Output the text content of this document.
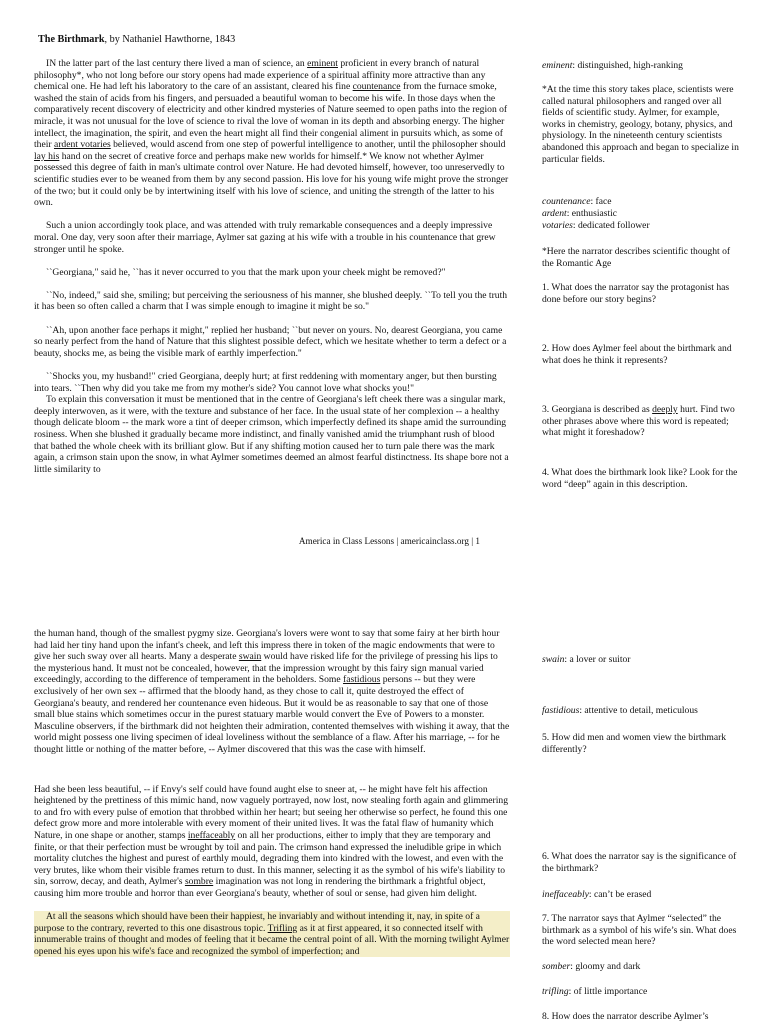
The Birthmark, by Nathaniel Hawthorne, 1843

IN the latter part of the last century there lived a man of science, an eminent proficient in every branch of natural philosophy*, who not long before our story opens had made experience of a spiritual affinity more attractive than any chemical one. He had left his laboratory to the care of an assistant, cleared his fine countenance from the furnace smoke, washed the stain of acids from his fingers, and persuaded a beautiful woman to become his wife. In those days when the comparatively recent discovery of electricity and other kindred mysteries of Nature seemed to open paths into the region of miracle, it was not unusual for the love of science to rival the love of woman in its depth and absorbing energy. The higher intellect, the imagination, the spirit, and even the heart might all find their congenial aliment in pursuits which, as some of their ardent votaries believed, would ascend from one step of powerful intelligence to another, until the philosopher should lay his hand on the secret of creative force and perhaps make new worlds for himself.* We know not whether Aylmer possessed this degree of faith in man's ultimate control over Nature. He had devoted himself, however, too unreservedly to scientific studies ever to be weaned from them by any second passion. His love for his young wife might prove the stronger of the two; but it could only be by intertwining itself with his love of science, and uniting the strength of the latter to his own.

Such a union accordingly took place, and was attended with truly remarkable consequences and a deeply impressive moral. One day, very soon after their marriage, Aylmer sat gazing at his wife with a trouble in his countenance that grew stronger until he spoke.

``Georgiana," said he, ``has it never occurred to you that the mark upon your cheek might be removed?"

``No, indeed," said she, smiling; but perceiving the seriousness of his manner, she blushed deeply. ``To tell you the truth it has been so often called a charm that I was simple enough to imagine it might be so."

``Ah, upon another face perhaps it might," replied her husband; ``but never on yours. No, dearest Georgiana, you came so nearly perfect from the hand of Nature that this slightest possible defect, which we hesitate whether to term a defect or a beauty, shocks me, as being the visible mark of earthly imperfection."

``Shocks you, my husband!" cried Georgiana, deeply hurt; at first reddening with momentary anger, but then bursting into tears. ``Then why did you take me from my mother's side? You cannot love what shocks you!"

To explain this conversation it must be mentioned that in the centre of Georgiana's left cheek there was a singular mark, deeply interwoven, as it were, with the texture and substance of her face. In the usual state of her complexion -- a healthy though delicate bloom -- the mark wore a tint of deeper crimson, which imperfectly defined its shape amid the surrounding rosiness. When she blushed it gradually became more indistinct, and finally vanished amid the triumphant rush of blood that bathed the whole cheek with its brilliant glow. But if any shifting motion caused her to turn pale there was the mark again, a crimson stain upon the snow, in what Aylmer sometimes deemed an almost fearful distinctness. Its shape bore not a little similarity to

America in Class Lessons | americainclass.org | 1
eminent: distinguished, high-ranking
*At the time this story takes place, scientists were called natural philosophers and ranged over all fields of scientific study. Aylmer, for example, works in chemistry, geology, botany, physics, and physiology. In the nineteenth century scientists abandoned this approach and began to specialize in particular fields.
countenance: face
ardent: enthusiastic
votaries: dedicated follower
*Here the narrator describes scientific thought of the Romantic Age
1. What does the narrator say the protagonist has done before our story begins?
2. How does Aylmer feel about the birthmark and what does he think it represents?
3. Georgiana is described as deeply hurt. Find two other phrases above where this word is repeated; what might it foreshadow?
4. What does the birthmark look like? Look for the word “deep” again in this description.

the human hand, though of the smallest pygmy size. Georgiana's lovers were wont to say that some fairy at her birth hour had laid her tiny hand upon the infant's cheek, and left this impress there in token of the magic endowments that were to give her such sway over all hearts. Many a desperate swain would have risked life for the privilege of pressing his lips to the mysterious hand. It must not be concealed, however, that the impression wrought by this fairy sign manual varied exceedingly, according to the difference of temperament in the beholders. Some fastidious persons -- but they were exclusively of her own sex -- affirmed that the bloody hand, as they chose to call it, quite destroyed the effect of Georgiana's beauty, and rendered her countenance even hideous. But it would be as reasonable to say that one of those small blue stains which sometimes occur in the purest statuary marble would convert the Eve of Powers to a monster. Masculine observers, if the birthmark did not heighten their admiration, contented themselves with wishing it away, that the world might possess one living specimen of ideal loveliness without the semblance of a flaw. After his marriage, -- for he thought little or nothing of the matter before, -- Aylmer discovered that this was the case with himself.

Had she been less beautiful, -- if Envy's self could have found aught else to sneer at, -- he might have felt his affection heightened by the prettiness of this mimic hand, now vaguely portrayed, now lost, now stealing forth again and glimmering to and fro with every pulse of emotion that throbbed within her heart; but seeing her otherwise so perfect, he found this one defect grow more and more intolerable with every moment of their united lives. It was the fatal flaw of humanity which Nature, in one shape or another, stamps ineffaceably on all her productions, either to imply that they are temporary and finite, or that their perfection must be wrought by toil and pain. The crimson hand expressed the ineludible gripe in which mortality clutches the highest and purest of earthly mould, degrading them into kindred with the lowest, and even with the very brutes, like whom their visible frames return to dust. In this manner, selecting it as the symbol of his wife's liability to sin, sorrow, decay, and death, Aylmer's sombre imagination was not long in rendering the birthmark a frightful object, causing him more trouble and horror than ever Georgiana's beauty, whether of soul or sense, had given him delight.

At all the seasons which should have been their happiest, he invariably and without intending it, nay, in spite of a purpose to the contrary, reverted to this one disastrous topic. Trifling as it at first appeared, it so connected itself with innumerable trains of thought and modes of feeling that it became the central point of all. With the morning twilight Aylmer opened his eyes upon his wife's face and recognized the symbol of imperfection; and

swain: a lover or suitor
fastidious: attentive to detail, meticulous
5. How did men and women view the birthmark differently?
6. What does the narrator say is the significance of the birthmark?
ineffaceably: can’t be erased
7. The narrator says that Aylmer “selected” the birthmark as a symbol of his wife’s sin. What does the word selected mean here?
somber: gloomy and dark
trifling: of little importance
8. How does the narrator describe Aylmer’s
